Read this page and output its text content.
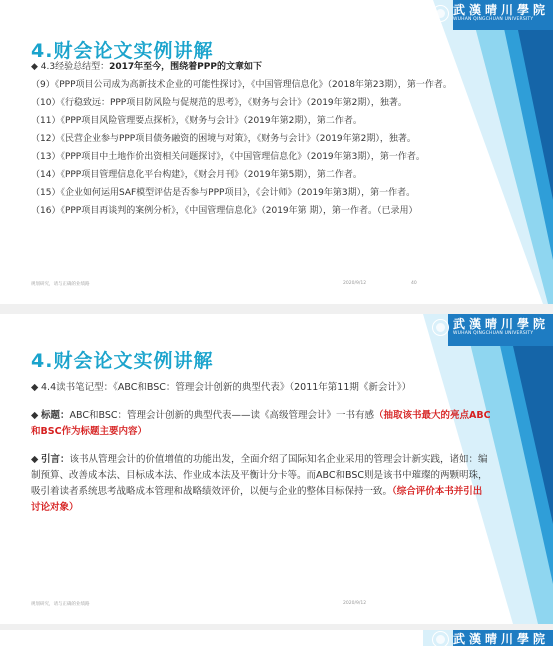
武漢晴川學院
WUHAN QINGCHUAN UNIVERSITY
4.财会论文实例讲解
◆ 4.3经验总结型：2017年至今，围绕着PPP的文章如下
（9）《PPP项目公司成为高新技术企业的可能性探讨》，《中国管理信息化》（2018年第23期），第一作者。
（10）《行稳致远：PPP项目防风险与促规范的思考》，《财务与会计》（2019年第2期），独著。
（11）《PPP项目风险管理要点探析》，《财务与会计》（2019年第2期），第二作者。
（12）《民营企业参与PPP项目债务融资的困境与对策》，《财务与会计》（2019年第2期），独著。
（13）《PPP项目中土地作价出资相关问题探讨》，《中国管理信息化》（2019年第3期），第一作者。
（14）《PPP项目管理信息化平台构建》，《财会月刊》（2019年第5期），第二作者。
（15）《企业如何运用SAF模型评估是否参与PPP项目》，《会计师》（2019年第3期），第一作者。
（16）《PPP项目再谈判的案例分析》，《中国管理信息化》（2019年第 期），第一作者。（已录用）
规划研究，请与正确的业绩路	2020/9/12	40
武漢晴川學院
WUHAN QINGCHUAN UNIVERSITY
4.财会论文实例讲解

◆ 4.4读书笔记型：《ABC和BSC：管理会计创新的典型代表》（2011年第11期《新会计》）

◆ 标题：ABC和BSC：管理会计创新的典型代表——读《高级管理会计》一书有感（抽取该书最大的亮点ABC和BSC作为标题主要内容）

◆ 引言：该书从管理会计的价值增值的功能出发，全面介绍了国际知名企业采用的管理会计新实践，诸如：编制预算、改善成本法、目标成本法、作业成本法及平衡计分卡等。而ABC和BSC则是该书中璀璨的两颗明珠，吸引着读者系统思考战略成本管理和战略绩效评价，以便与企业的整体目标保持一致。（综合评价本书并引出讨论对象）

规划研究，请与正确的业绩路	2020/9/12
武漢晴川學院
